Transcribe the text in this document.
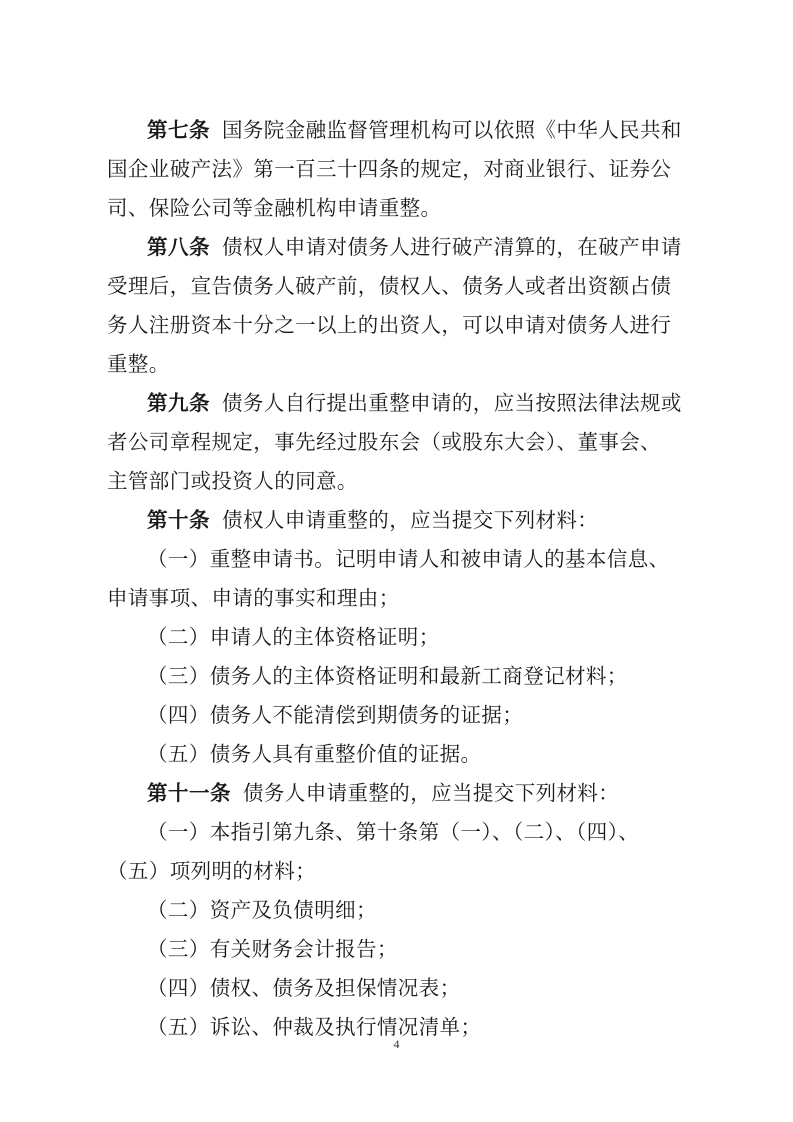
第七条 国务院金融监督管理机构可以依照《中华人民共和
国企业破产法》第一百三十四条的规定，对商业银行、证券公
司、保险公司等金融机构申请重整。
第八条 债权人申请对债务人进行破产清算的，在破产申请
受理后，宣告债务人破产前，债权人、债务人或者出资额占债
务人注册资本十分之一以上的出资人，可以申请对债务人进行
重整。
第九条 债务人自行提出重整申请的，应当按照法律法规或
者公司章程规定，事先经过股东会（或股东大会）、董事会、
主管部门或投资人的同意。
第十条 债权人申请重整的，应当提交下列材料：
（一）重整申请书。记明申请人和被申请人的基本信息、
申请事项、申请的事实和理由；
（二）申请人的主体资格证明；
（三）债务人的主体资格证明和最新工商登记材料；
（四）债务人不能清偿到期债务的证据；
（五）债务人具有重整价值的证据。
第十一条 债务人申请重整的，应当提交下列材料：
（一）本指引第九条、第十条第（一）、（二）、（四）、
（五）项列明的材料；
（二）资产及负债明细；
（三）有关财务会计报告；
（四）债权、债务及担保情况表；
（五）诉讼、仲裁及执行情况清单；
4
